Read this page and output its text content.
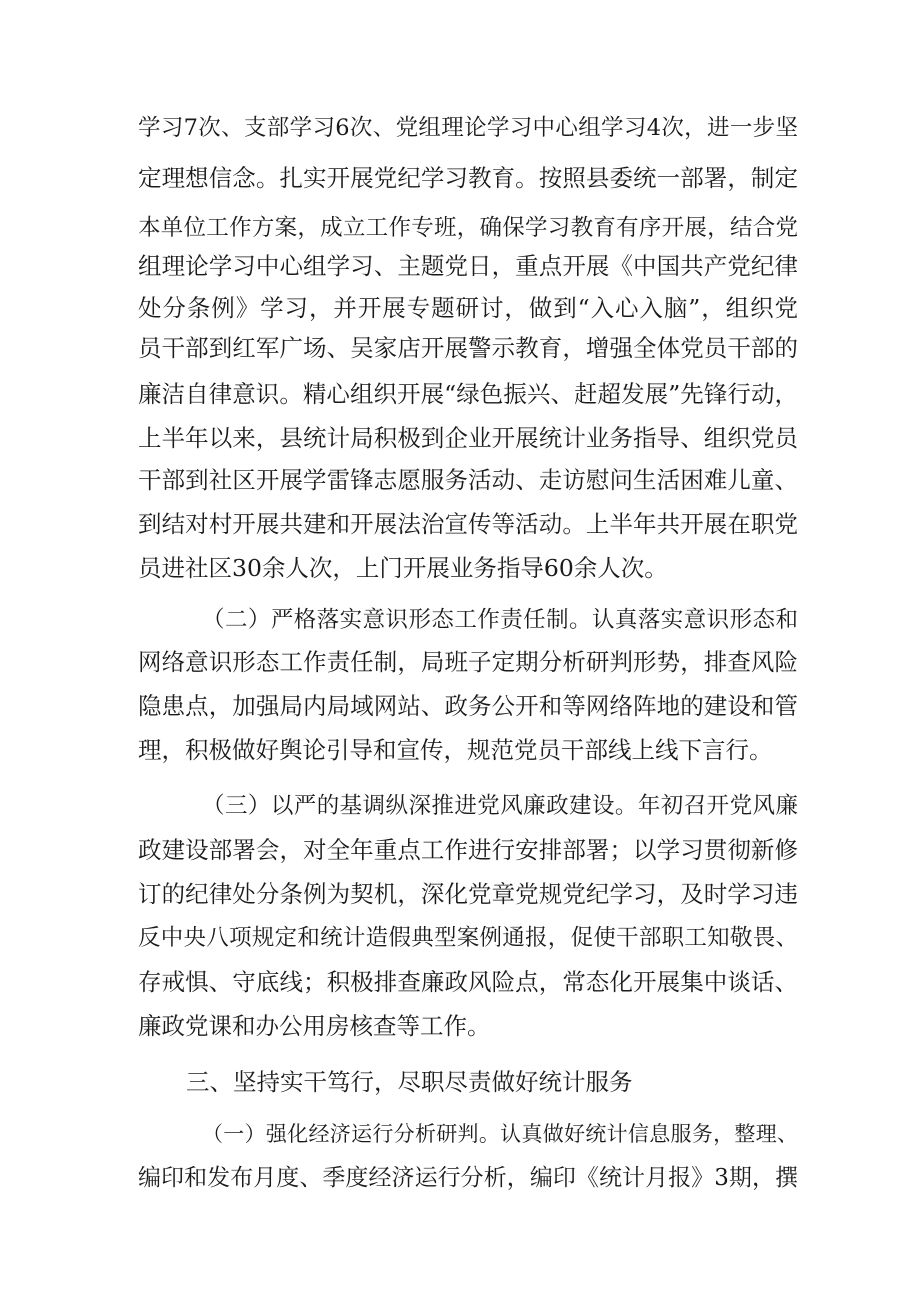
学习7次、支部学习6次、党组理论学习中心组学习4次，进一步坚
定理想信念。扎实开展党纪学习教育。按照县委统一部署，制定
本单位工作方案，成立工作专班，确保学习教育有序开展，结合党
组理论学习中心组学习、主题党日，重点开展《中国共产党纪律
处分条例》学习，并开展专题研讨，做到“入心入脑”，组织党
员干部到红军广场、吴家店开展警示教育，增强全体党员干部的
廉洁自律意识。精心组织开展“绿色振兴、赶超发展”先锋行动，
上半年以来，县统计局积极到企业开展统计业务指导、组织党员
干部到社区开展学雷锋志愿服务活动、走访慰问生活困难儿童、
到结对村开展共建和开展法治宣传等活动。上半年共开展在职党
员进社区30余人次，上门开展业务指导60余人次。
（二）严格落实意识形态工作责任制。认真落实意识形态和
网络意识形态工作责任制，局班子定期分析研判形势，排查风险
隐患点，加强局内局域网站、政务公开和等网络阵地的建设和管
理，积极做好舆论引导和宣传，规范党员干部线上线下言行。
（三）以严的基调纵深推进党风廉政建设。年初召开党风廉
政建设部署会，对全年重点工作进行安排部署；以学习贯彻新修
订的纪律处分条例为契机，深化党章党规党纪学习，及时学习违
反中央八项规定和统计造假典型案例通报，促使干部职工知敬畏、
存戒惧、守底线；积极排查廉政风险点，常态化开展集中谈话、
廉政党课和办公用房核查等工作。
三、坚持实干笃行，尽职尽责做好统计服务
（一）强化经济运行分析研判。认真做好统计信息服务，整理、
编印和发布月度、季度经济运行分析，编印《统计月报》3期，撰
